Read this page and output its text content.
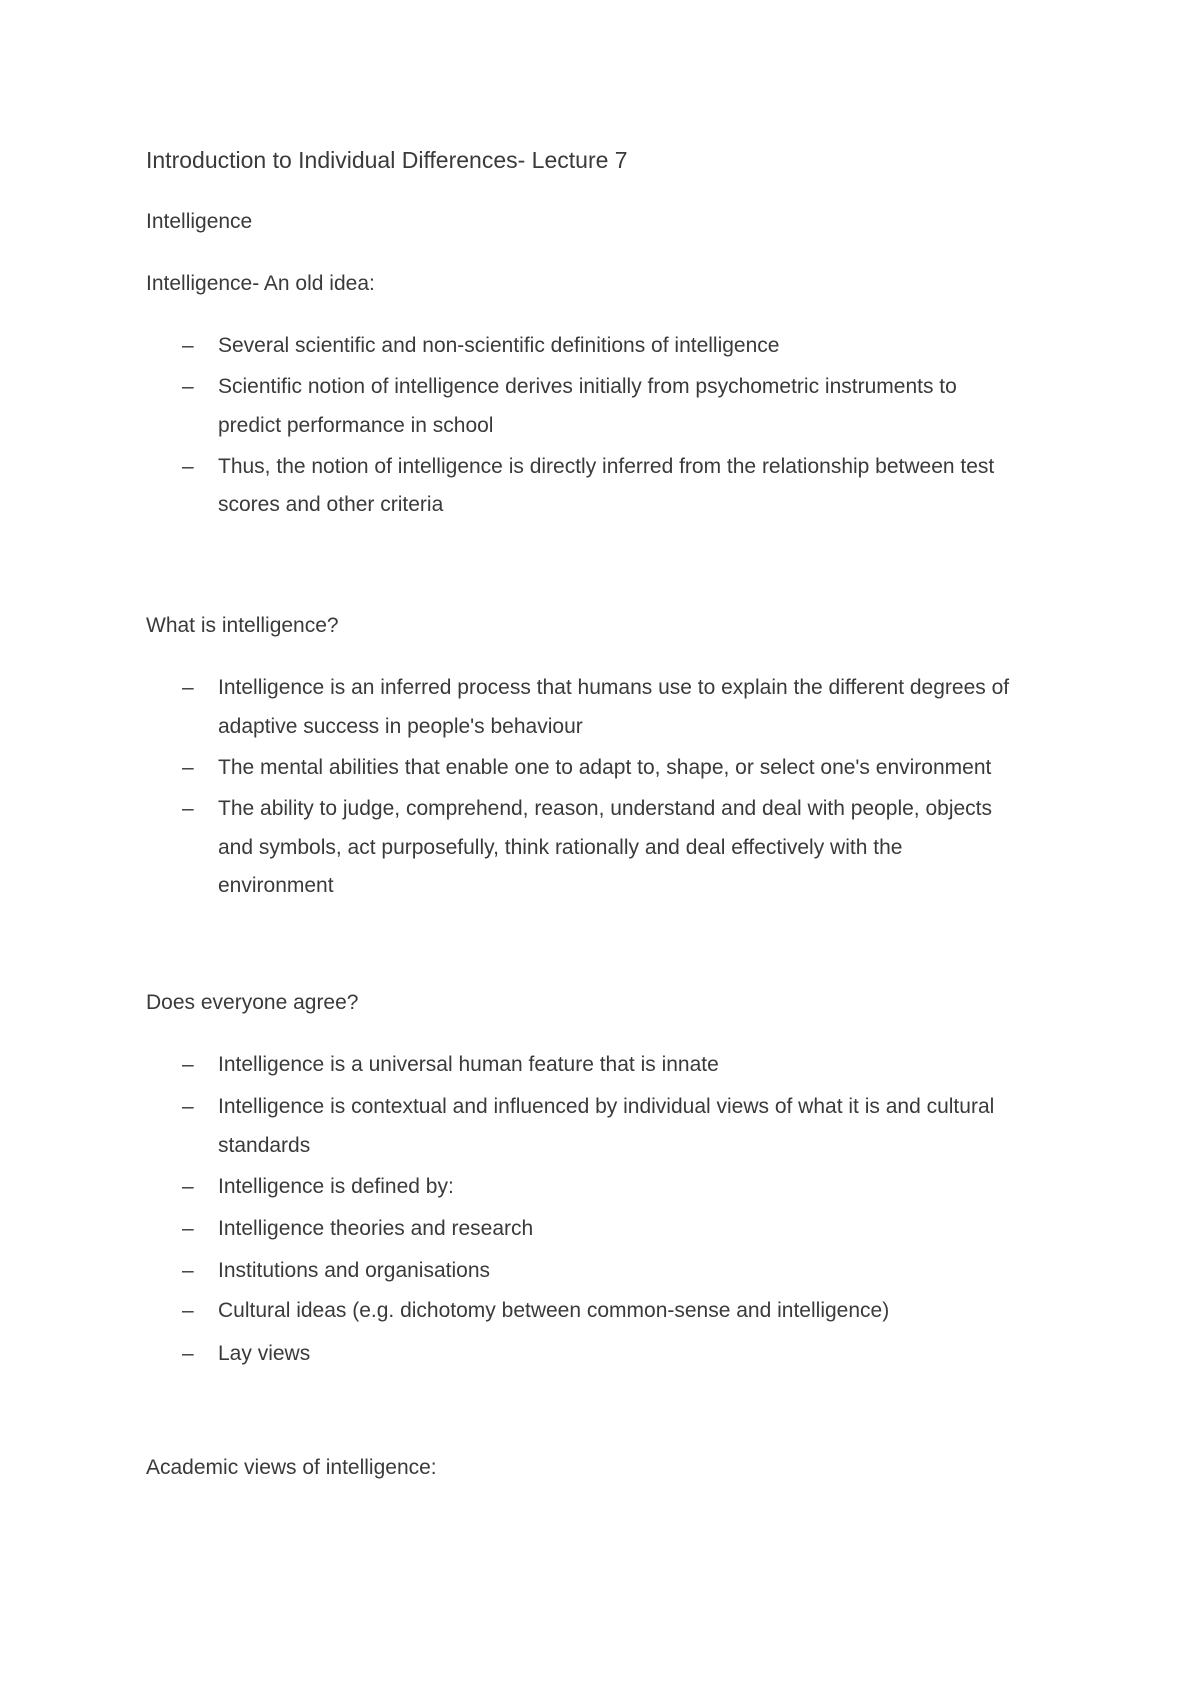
Introduction to Individual Differences- Lecture 7
Intelligence
Intelligence- An old idea:
– Several scientific and non-scientific definitions of intelligence
– Scientific notion of intelligence derives initially from psychometric instruments to
predict performance in school
– Thus, the notion of intelligence is directly inferred from the relationship between test
scores and other criteria
What is intelligence?
– Intelligence is an inferred process that humans use to explain the different degrees of
adaptive success in people's behaviour
– The mental abilities that enable one to adapt to, shape, or select one's environment
– The ability to judge, comprehend, reason, understand and deal with people, objects
and symbols, act purposefully, think rationally and deal effectively with the
environment
Does everyone agree?
– Intelligence is a universal human feature that is innate
– Intelligence is contextual and influenced by individual views of what it is and cultural
standards
– Intelligence is defined by:
– Intelligence theories and research
– Institutions and organisations
– Cultural ideas (e.g. dichotomy between common-sense and intelligence)
– Lay views
Academic views of intelligence:
